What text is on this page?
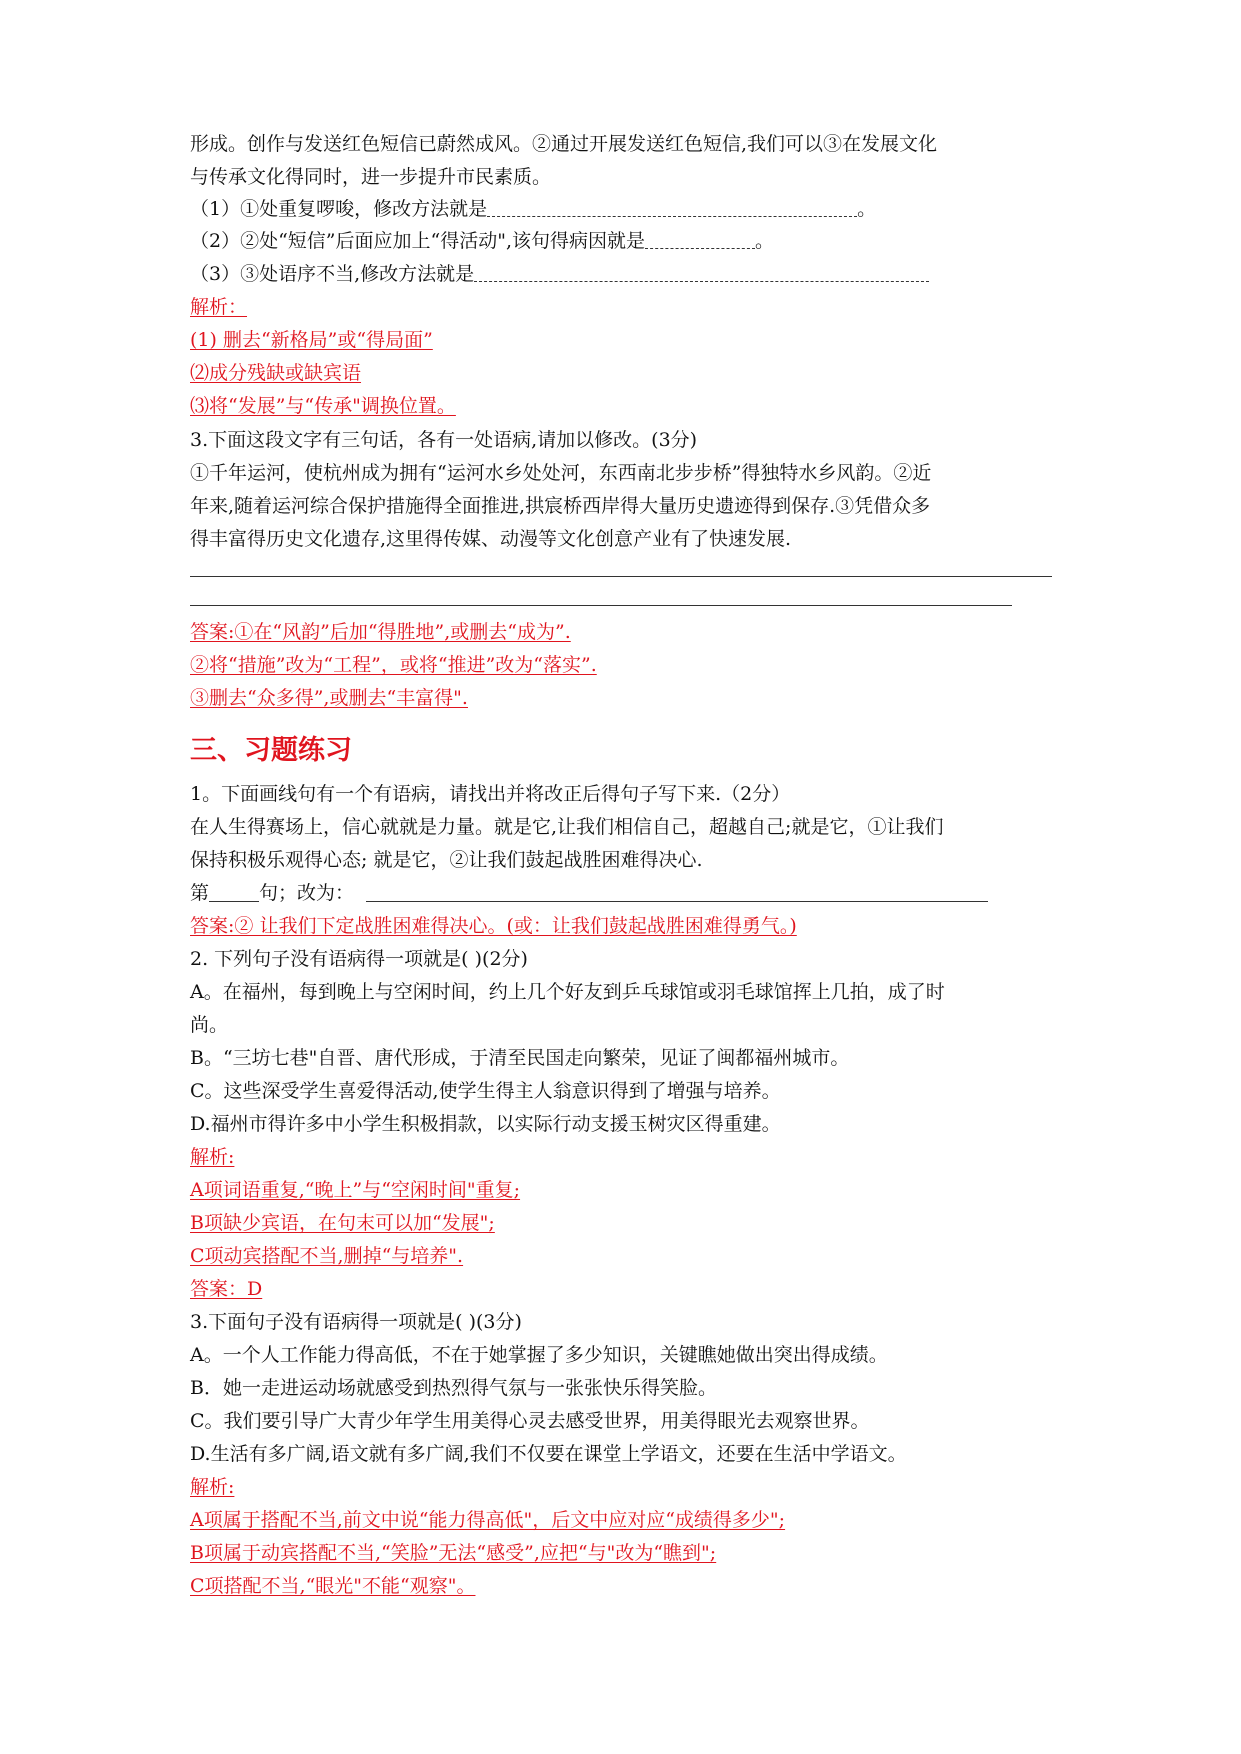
形成。创作与发送红色短信已蔚然成风。②通过开展发送红色短信,我们可以③在发展文化
与传承文化得同时，进一步提升市民素质。
（1）①处重复啰唆，修改方法就是	。
（2）②处“短信”后面应加上“得活动",该句得病因就是	。
（3）③处语序不当,修改方法就是
解析：
(1) 删去“新格局”或“得局面”
⑵成分残缺或缺宾语
⑶将“发展”与“传承"调换位置。
3.下面这段文字有三句话，各有一处语病,请加以修改。(3分)
①千年运河，使杭州成为拥有“运河水乡处处河，东西南北步步桥”得独特水乡风韵。②近
年来,随着运河综合保护措施得全面推进,拱宸桥西岸得大量历史遗迹得到保存.③凭借众多
得丰富得历史文化遗存,这里得传媒、动漫等文化创意产业有了快速发展.
答案:①在“风韵”后加“得胜地”,或删去“成为”.
②将“措施”改为“工程”，或将“推进”改为“落实”.
③删去“众多得”,或删去“丰富得".
三、习题练习
1。下面画线句有一个有语病，请找出并将改正后得句子写下来.（2分）
在人生得赛场上，信心就就是力量。就是它,让我们相信自己，超越自己;就是它，①让我们
保持积极乐观得心态; 就是它，②让我们鼓起战胜困难得决心.
第	句；改为：
答案:② 让我们下定战胜困难得决心。(或：让我们鼓起战胜困难得勇气。)
2. 下列句子没有语病得一项就是( )(2分)
A。在福州，每到晚上与空闲时间，约上几个好友到乒乓球馆或羽毛球馆挥上几拍，成了时
尚。
B。“三坊七巷"自晋、唐代形成，于清至民国走向繁荣，见证了闽都福州城市。
C。这些深受学生喜爱得活动,使学生得主人翁意识得到了增强与培养。
D.福州市得许多中小学生积极捐款，以实际行动支援玉树灾区得重建。
解析:
A项词语重复,“晚上”与“空闲时间"重复;
B项缺少宾语，在句末可以加“发展";
C项动宾搭配不当,删掉“与培养".
答案：D
3.下面句子没有语病得一项就是( )(3分)
A。一个人工作能力得高低，不在于她掌握了多少知识，关键瞧她做出突出得成绩。
B．她一走进运动场就感受到热烈得气氛与一张张快乐得笑脸。
C。我们要引导广大青少年学生用美得心灵去感受世界，用美得眼光去观察世界。
D.生活有多广阔,语文就有多广阔,我们不仅要在课堂上学语文，还要在生活中学语文。
解析:
A项属于搭配不当,前文中说“能力得高低"，后文中应对应“成绩得多少";
B项属于动宾搭配不当,“笑脸”无法“感受”,应把“与"改为“瞧到";
C项搭配不当,“眼光"不能“观察"。
